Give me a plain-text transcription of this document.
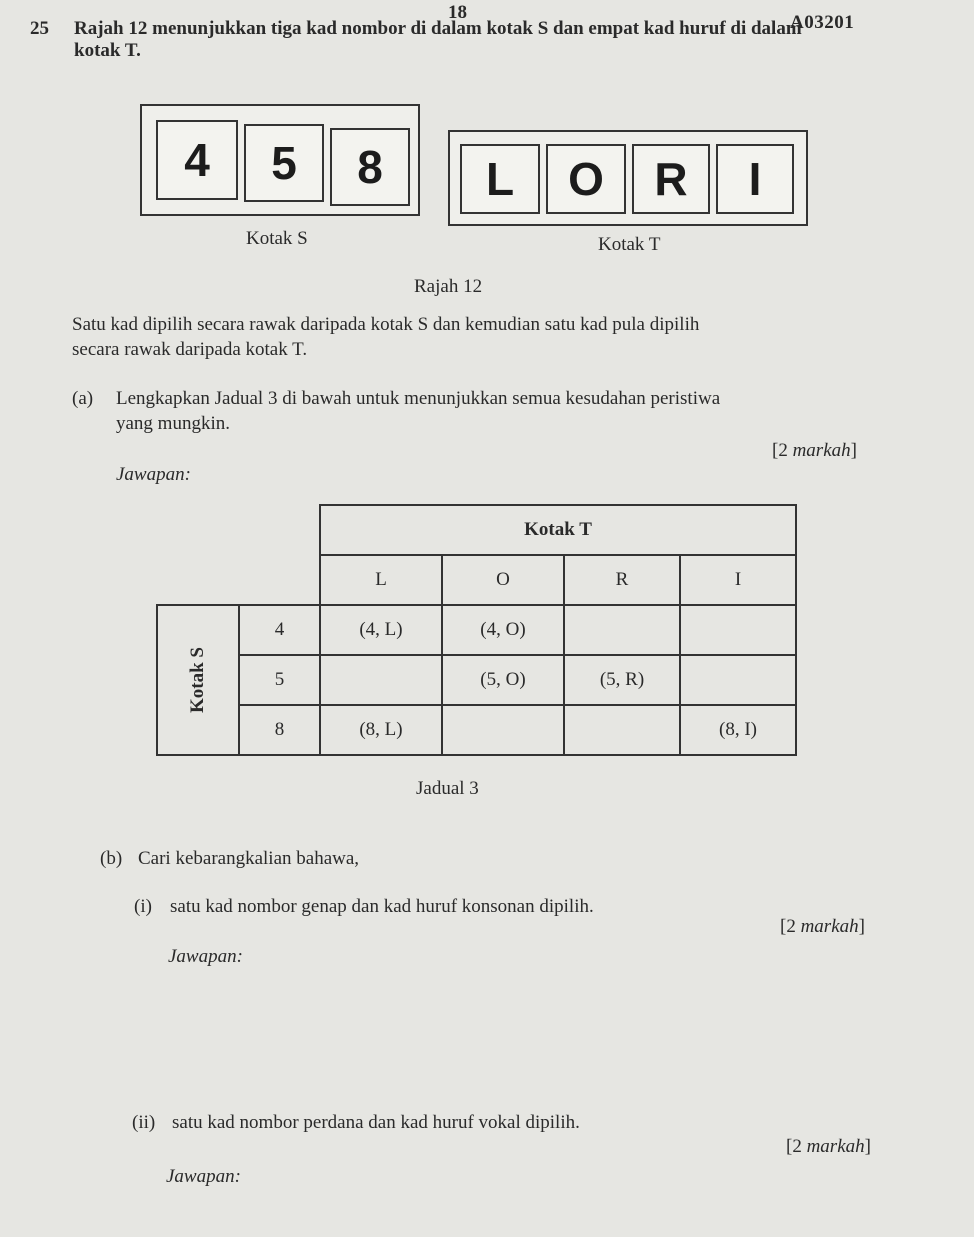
18	A03201
25 Rajah 12 menunjukkan tiga kad nombor di dalam kotak S dan empat kad huruf di dalam
kotak T.
4	5	8
Kotak S
L	O	R	I
Kotak T
Rajah 12
Satu kad dipilih secara rawak daripada kotak S dan kemudian satu kad pula dipilih
secara rawak daripada kotak T.
(a) Lengkapkan Jadual 3 di bawah untuk menunjukkan semua kesudahan peristiwa
yang mungkin.
[2 markah]
Jawapan:
		Kotak T			
		L	O	R	I
Kotak S	4	(4, L)	(4, O)		
	5		(5, O)	(5, R)	
	8	(8, L)			(8, I)
Jadual 3
(b) Cari kebarangkalian bahawa,
(i) satu kad nombor genap dan kad huruf konsonan dipilih.
[2 markah]
Jawapan:
(ii) satu kad nombor perdana dan kad huruf vokal dipilih.
[2 markah]
Jawapan:
